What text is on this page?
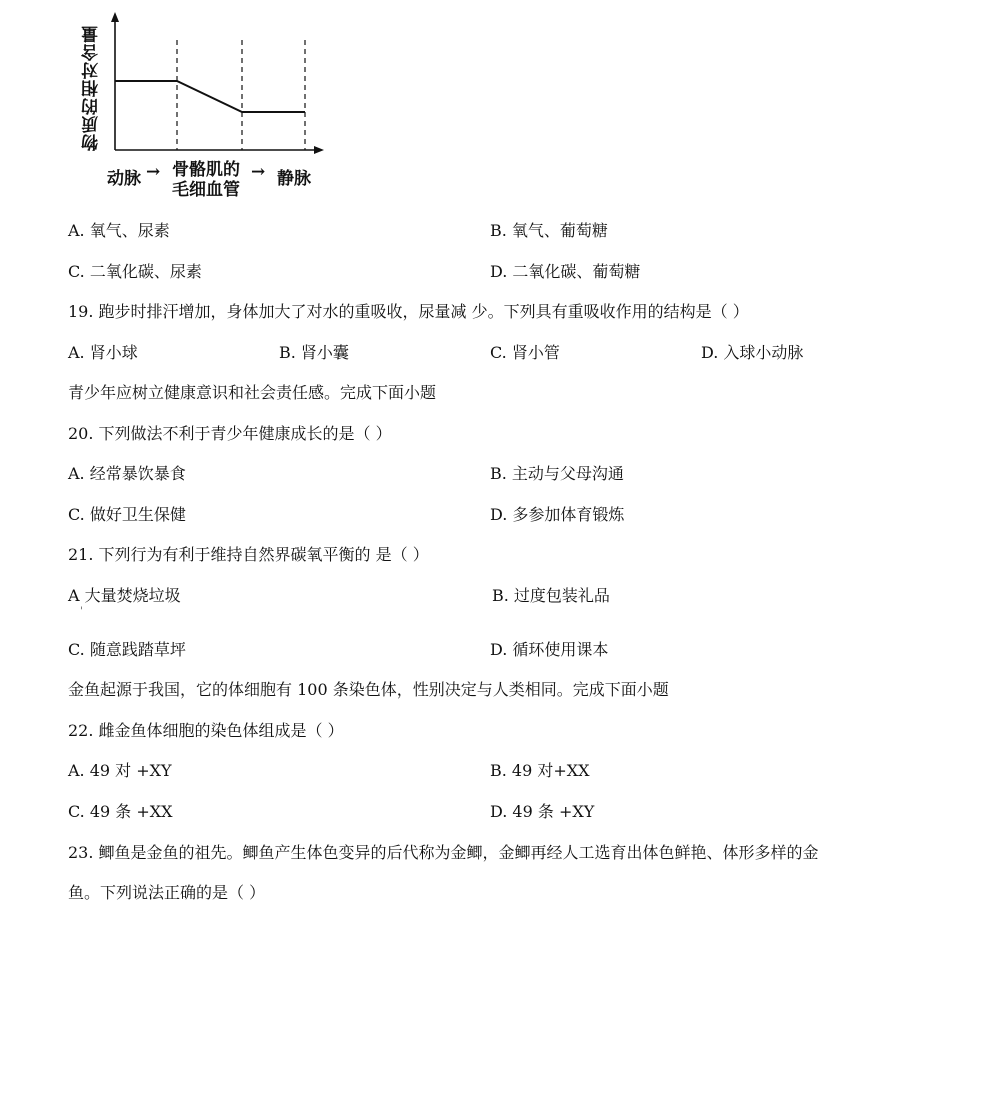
物质的相对含量
动脉 → 骨骼肌的
毛细血管
→ 静脉
A. 氧气、尿素	B. 氧气、葡萄糖
C. 二氧化碳、尿素	D. 二氧化碳、葡萄糖
19. 跑步时排汗增加，身体加大了对水的重吸收，尿量减 少。下列具有重吸收作用的结构是（ ）
A. 肾小球	B. 肾小囊	C. 肾小管	D. 入球小动脉
青少年应树立健康意识和社会责任感。完成下面小题
20. 下列做法不利于青少年健康成长的是（ ）
A. 经常暴饮暴食	B. 主动与父母沟通
C. 做好卫生保健	D. 多参加体育锻炼
21. 下列行为有利于维持自然界碳氧平衡的 是（ ）
A 大量焚烧垃圾	B. 过度包装礼品
'
C. 随意践踏草坪	D. 循环使用课本
金鱼起源于我国，它的体细胞有 100 条染色体，性别决定与人类相同。完成下面小题
22. 雌金鱼体细胞的染色体组成是（ ）
A. 49 对 +XY	B. 49 对+XX
C. 49 条 +XX	D. 49 条 +XY
23. 鲫鱼是金鱼的祖先。鲫鱼产生体色变异的后代称为金鲫，金鲫再经人工选育出体色鲜艳、体形多样的金
鱼。下列说法正确的是（ ）
